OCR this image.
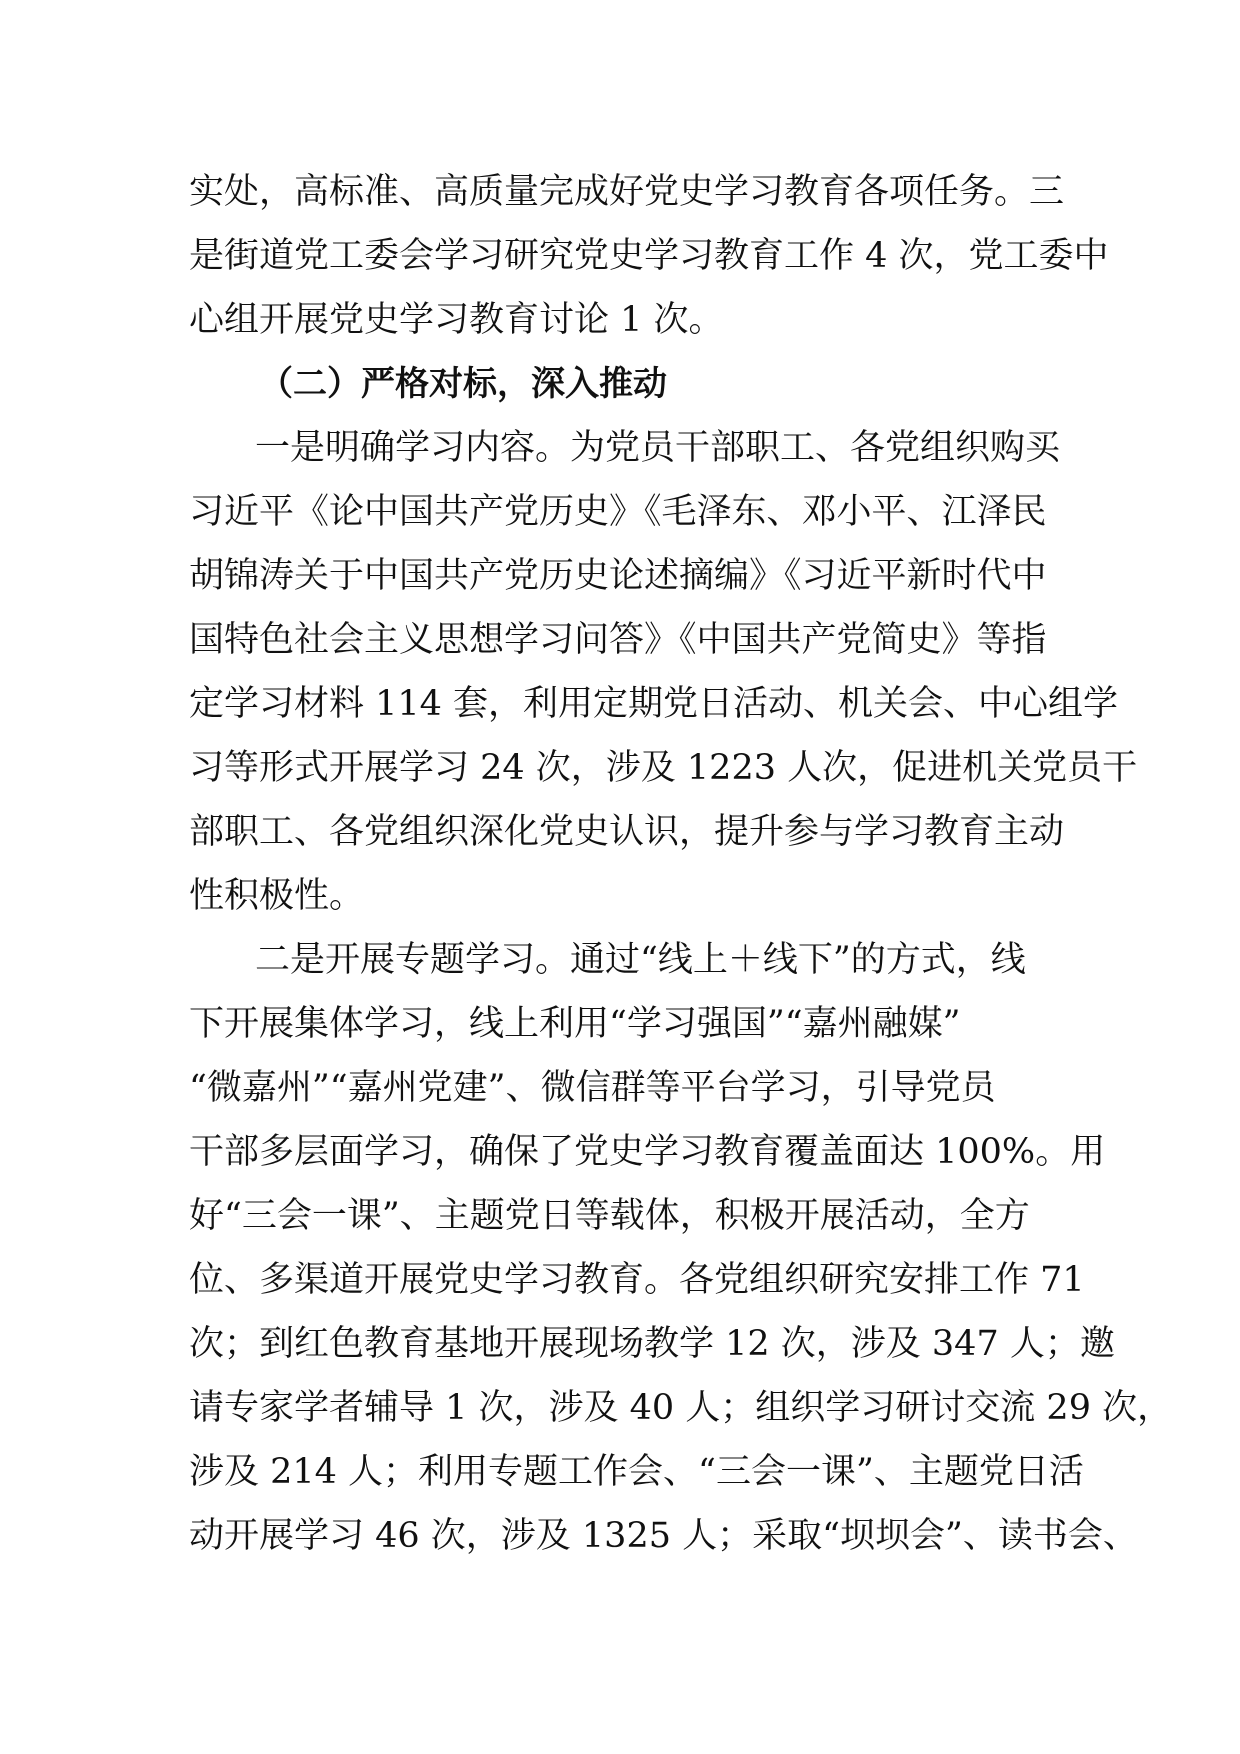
实处，高标准、高质量完成好党史学习教育各项任务。三
是街道党工委会学习研究党史学习教育工作 4 次，党工委中
心组开展党史学习教育讨论 1 次。
（二）严格对标，深入推动
一是明确学习内容。为党员干部职工、各党组织购买
习近平《论中国共产党历史》《毛泽东、邓小平、江泽民
胡锦涛关于中国共产党历史论述摘编》《习近平新时代中
国特色社会主义思想学习问答》《中国共产党简史》等指
定学习材料 114 套，利用定期党日活动、机关会、中心组学
习等形式开展学习 24 次，涉及 1223 人次，促进机关党员干
部职工、各党组织深化党史认识，提升参与学习教育主动
性积极性。
二是开展专题学习。通过“线上＋线下”的方式，线
下开展集体学习，线上利用“学习强国”“嘉州融媒”
“微嘉州”“嘉州党建”、微信群等平台学习，引导党员
干部多层面学习，确保了党史学习教育覆盖面达 100%。用
好“三会一课”、主题党日等载体，积极开展活动，全方
位、多渠道开展党史学习教育。各党组织研究安排工作 71
次；到红色教育基地开展现场教学 12 次，涉及 347 人；邀
请专家学者辅导 1 次，涉及 40 人；组织学习研讨交流 29 次，
涉及 214 人；利用专题工作会、“三会一课”、主题党日活
动开展学习 46 次，涉及 1325 人；采取“坝坝会”、读书会、
